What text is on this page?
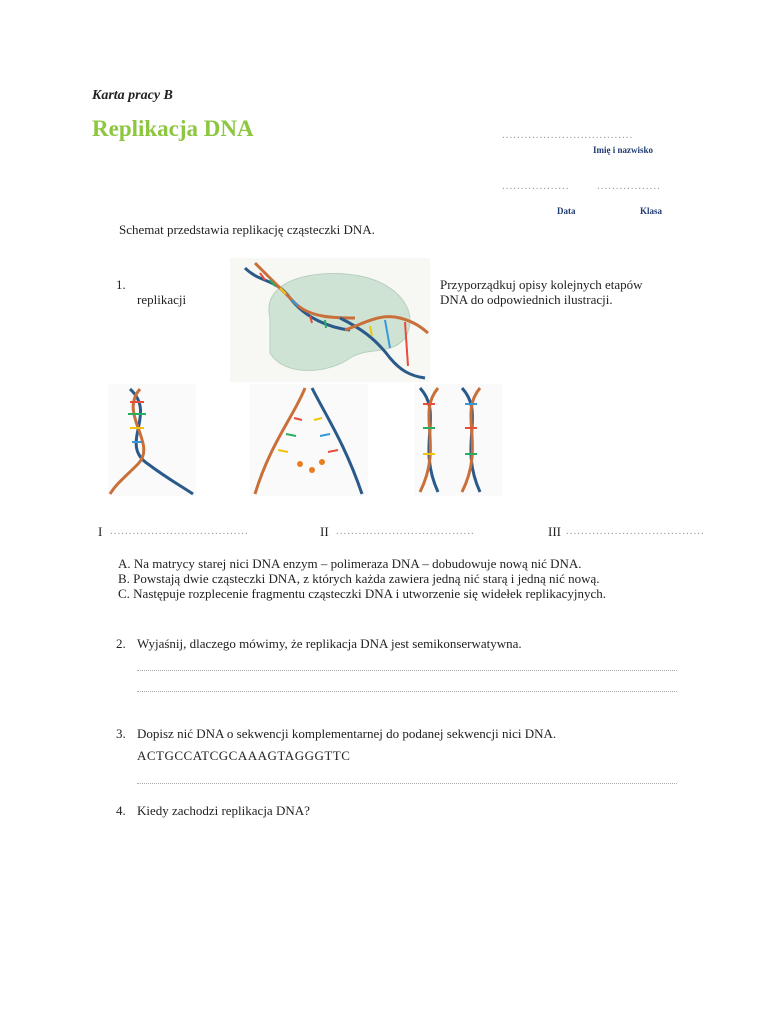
Karta pracy B
Replikacja DNA	...................................
Imię i nazwisko
..................	.................
Data	Klasa
Schemat przedstawia replikację cząsteczki DNA.
1.
replikacji
Przyporządkuj opisy kolejnych etapów
DNA do odpowiednich ilustracji.
I .....................................	II .....................................	III .....................................
A. Na matrycy starej nici DNA enzym – polimeraza DNA – dobudowuje nową nić DNA.
B. Powstają dwie cząsteczki DNA, z których każda zawiera jedną nić starą i jedną nić nową.
C. Następuje rozplecenie fragmentu cząsteczki DNA i utworzenie się widełek replikacyjnych.
2. Wyjaśnij, dlaczego mówimy, że replikacja DNA jest semikonserwatywna.
3. Dopisz nić DNA o sekwencji komplementarnej do podanej sekwencji nici DNA.
ACTGCCATCGCAAAGTAGGGTTC
4. Kiedy zachodzi replikacja DNA?
